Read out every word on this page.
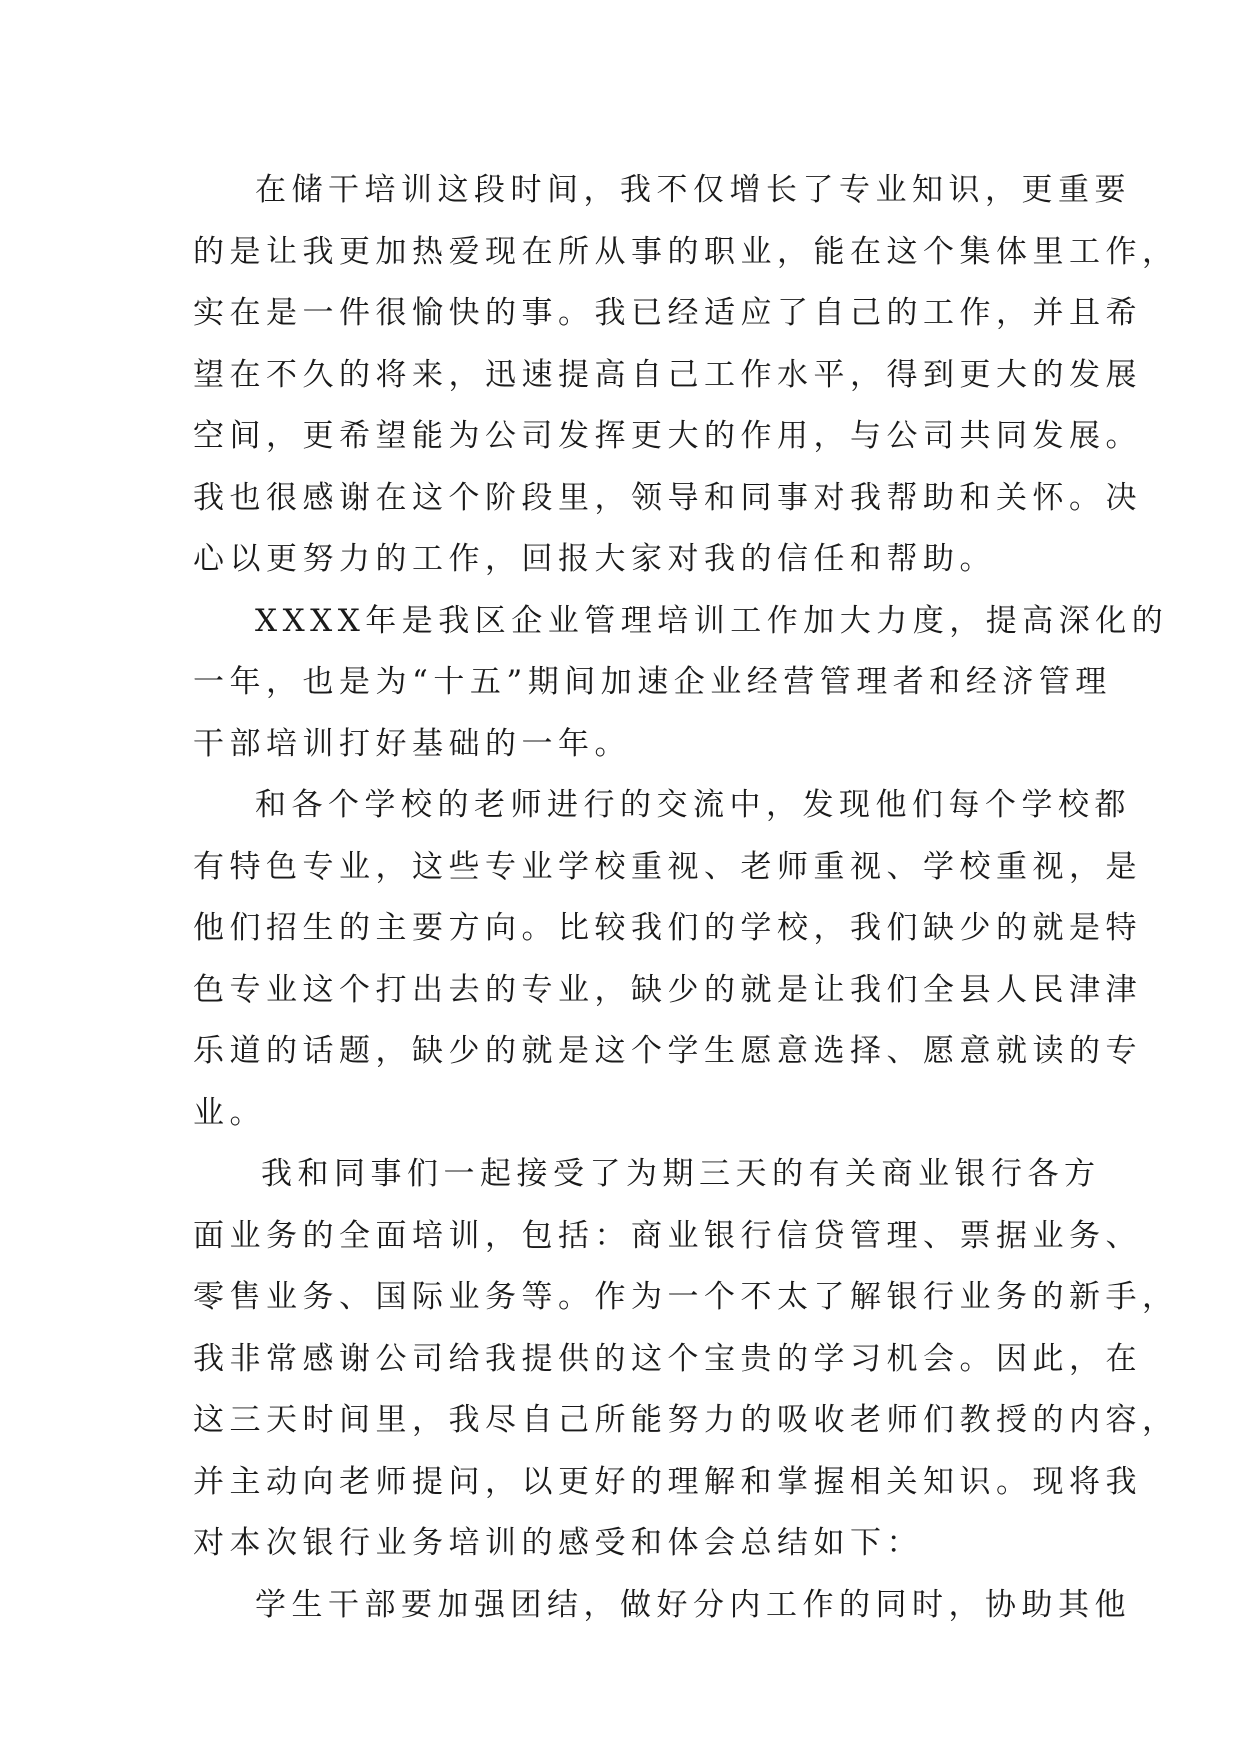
在储干培训这段时间，我不仅增长了专业知识，更重要
的是让我更加热爱现在所从事的职业，能在这个集体里工作，
实在是一件很愉快的事。我已经适应了自己的工作，并且希
望在不久的将来，迅速提高自己工作水平，得到更大的发展
空间，更希望能为公司发挥更大的作用，与公司共同发展。
我也很感谢在这个阶段里，领导和同事对我帮助和关怀。决
心以更努力的工作，回报大家对我的信任和帮助。
XXXX年是我区企业管理培训工作加大力度，提高深化的
一年，也是为“十五”期间加速企业经营管理者和经济管理
干部培训打好基础的一年。
和各个学校的老师进行的交流中，发现他们每个学校都
有特色专业，这些专业学校重视、老师重视、学校重视，是
他们招生的主要方向。比较我们的学校，我们缺少的就是特
色专业这个打出去的专业，缺少的就是让我们全县人民津津
乐道的话题，缺少的就是这个学生愿意选择、愿意就读的专
业。
我和同事们一起接受了为期三天的有关商业银行各方
面业务的全面培训，包括：商业银行信贷管理、票据业务、
零售业务、国际业务等。作为一个不太了解银行业务的新手，
我非常感谢公司给我提供的这个宝贵的学习机会。因此，在
这三天时间里，我尽自己所能努力的吸收老师们教授的内容，
并主动向老师提问，以更好的理解和掌握相关知识。现将我
对本次银行业务培训的感受和体会总结如下：
学生干部要加强团结，做好分内工作的同时，协助其他
